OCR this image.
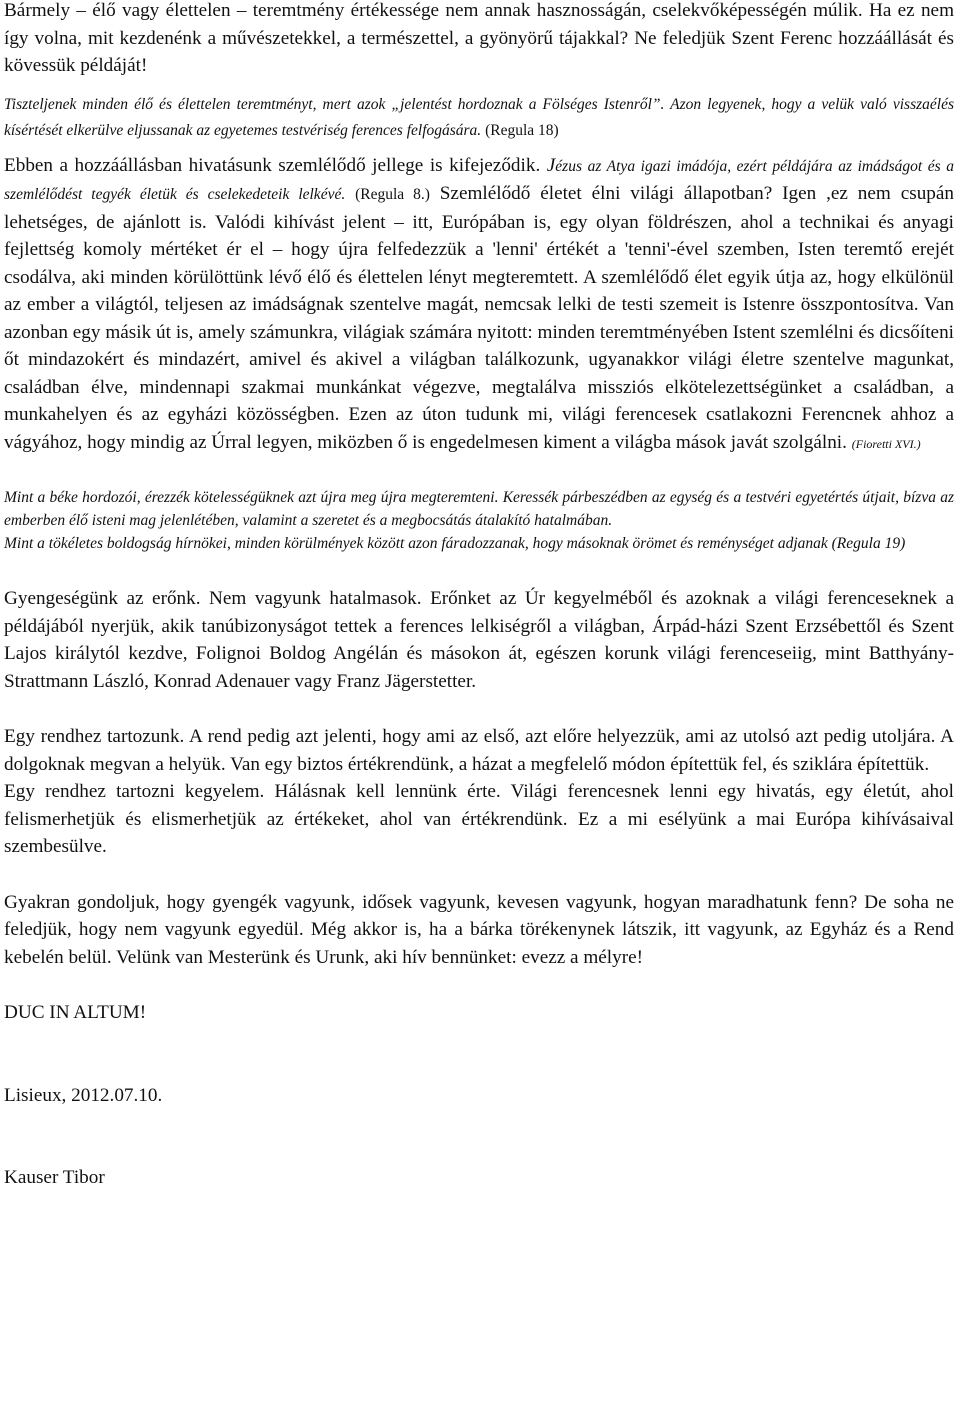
Bármely – élő vagy élettelen – teremtmény értékessége nem annak hasznosságán, cselekvőképességén múlik. Ha ez nem így volna, mit kezdenénk a művészetekkel, a természettel, a gyönyörű tájakkal? Ne feledjük Szent Ferenc hozzáállását és kövessük példáját!

Tiszteljenek minden élő és élettelen teremtményt, mert azok „jelentést hordoznak a Fölséges Istenről”. Azon legyenek, hogy a velük való visszaélés kísértését elkerülve eljussanak az egyetemes testvériség ferences felfogására. (Regula 18)

Ebben a hozzáállásban hivatásunk szemlélődő jellege is kifejeződik. Jézus az Atya igazi imádója, ezért példájára az imádságot és a szemlélődést tegyék életük és cselekedeteik lelkévé. (Regula 8.) Szemlélődő életet élni világi állapotban? Igen ,ez nem csupán lehetséges, de ajánlott is. Valódi kihívást jelent – itt, Európában is, egy olyan földrészen, ahol a technikai és anyagi fejlettség komoly mértéket ér el – hogy újra felfedezzük a 'lenni' értékét a 'tenni'-ével szemben, Isten teremtő erejét csodálva, aki minden körülöttünk lévő élő és élettelen lényt megteremtett. A szemlélődő élet egyik útja az, hogy elkülönül az ember a világtól, teljesen az imádságnak szentelve magát, nemcsak lelki de testi szemeit is Istenre összpontosítva. Van azonban egy másik út is, amely számunkra, világiak számára nyitott: minden teremtményében Istent szemlélni és dicsőíteni őt mindazokért és mindazért, amivel és akivel a világban találkozunk, ugyanakkor világi életre szentelve magunkat, családban élve, mindennapi szakmai munkánkat végezve, megtalálva missziós elkötelezettségünket a családban, a munkahelyen és az egyházi közösségben. Ezen az úton tudunk mi, világi ferencesek csatlakozni Ferencnek ahhoz a vágyához, hogy mindig az Úrral legyen, miközben ő is engedelmesen kiment a világba mások javát szolgálni. (Fioretti XVI.)

Mint a béke hordozói, érezzék kötelességüknek azt újra meg újra megteremteni. Keressék párbeszédben az egység és a testvéri egyetértés útjait, bízva az emberben élő isteni mag jelenlétében, valamint a szeretet és a megbocsátás átalakító hatalmában.

Mint a tökéletes boldogság hírnökei, minden körülmények között azon fáradozzanak, hogy másoknak örömet és reménységet adjanak (Regula 19)

Gyengeségünk az erőnk. Nem vagyunk hatalmasok. Erőnket az Úr kegyelméből és azoknak a világi ferenceseknek a példájából nyerjük, akik tanúbizonyságot tettek a ferences lelkiségről a világban, Árpád-házi Szent Erzsébettől és Szent Lajos királytól kezdve, Folignoi Boldog Angélán és másokon át, egészen korunk világi ferenceseiig, mint Batthyány-Strattmann László, Konrad Adenauer vagy Franz Jägerstetter.

Egy rendhez tartozunk. A rend pedig azt jelenti, hogy ami az első, azt előre helyezzük, ami az utolsó azt pedig utoljára. A dolgoknak megvan a helyük. Van egy biztos értékrendünk, a házat a megfelelő módon építettük fel, és sziklára építettük.

Egy rendhez tartozni kegyelem. Hálásnak kell lennünk érte. Világi ferencesnek lenni egy hivatás, egy életút, ahol felismerhetjük és elismerhetjük az értékeket, ahol van értékrendünk. Ez a mi esélyünk a mai Európa kihívásaival szembesülve.

Gyakran gondoljuk, hogy gyengék vagyunk, idősek vagyunk, kevesen vagyunk, hogyan maradhatunk fenn? De soha ne feledjük, hogy nem vagyunk egyedül. Még akkor is, ha a bárka törékenynek látszik, itt vagyunk, az Egyház és a Rend kebelén belül. Velünk van Mesterünk és Urunk, aki hív bennünket: evezz a mélyre!

DUC IN ALTUM!

Lisieux, 2012.07.10.

Kauser Tibor
